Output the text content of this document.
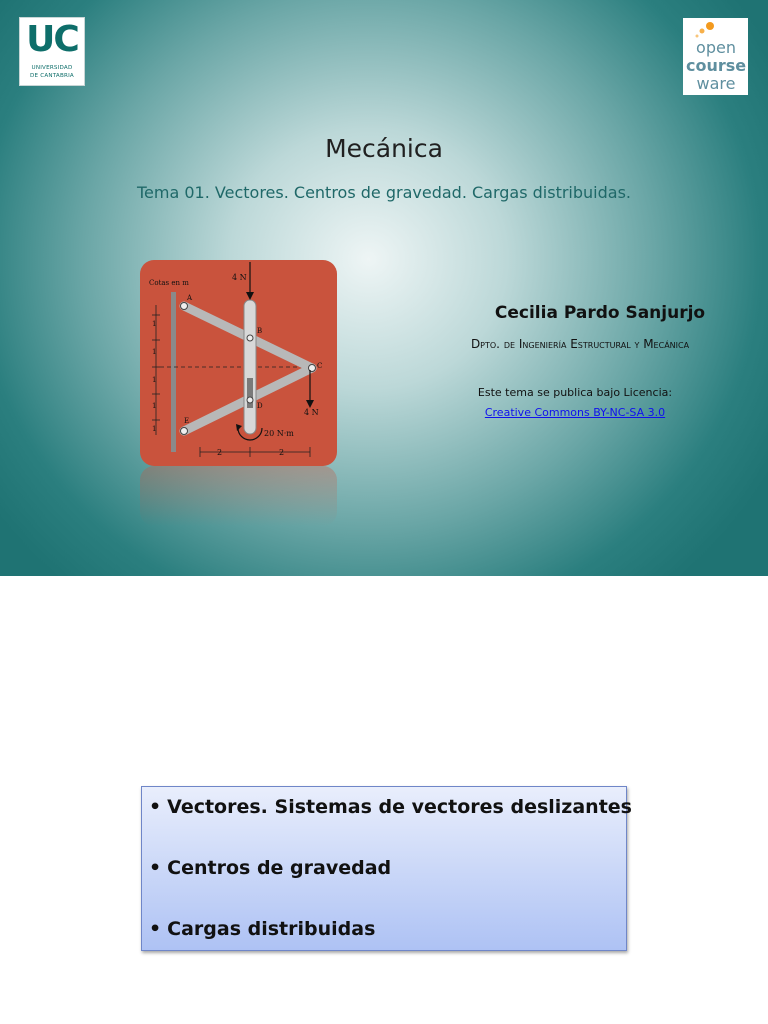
UC
UNIVERSIDAD
DE CANTABRIA
open
course
ware
Mecánica
Tema 01. Vectores. Centros de gravedad. Cargas distribuidas.
Cotas en m
4 N
4 N
20 N·m
A
B
C
D
E
2	2
1
1
1
1
1
Cecilia Pardo Sanjurjo
Dpto. de Ingeniería Estructural y Mecánica
Este tema se publica bajo Licencia:
Creative Commons BY-NC-SA 3.0
• Vectores. Sistemas de vectores deslizantes
• Centros de gravedad
• Cargas distribuidas
